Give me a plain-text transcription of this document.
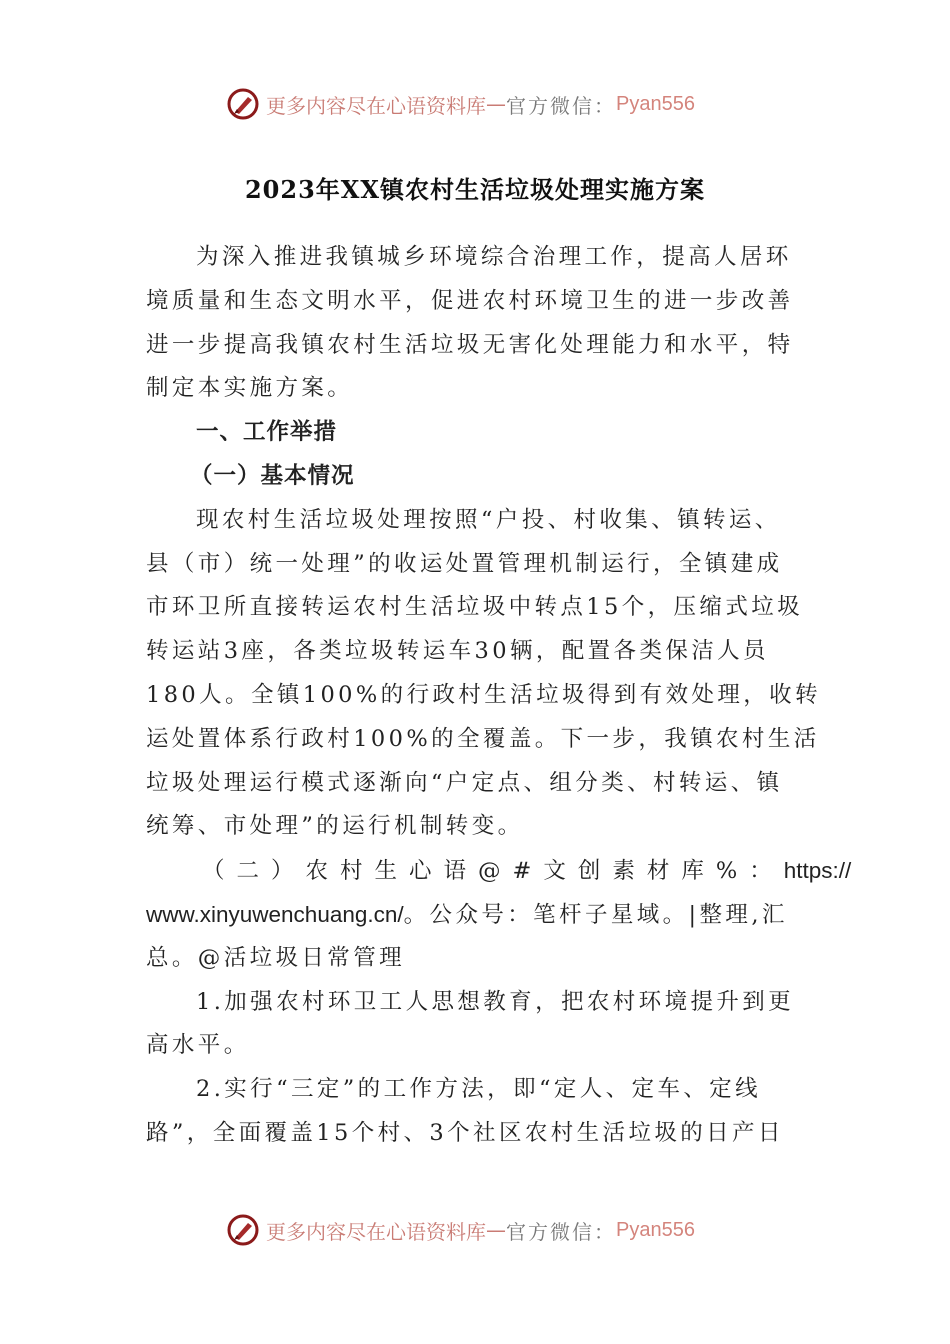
更多内容尽在心语资料库 — 官方微信： Pyan556
2023年XX镇农村生活垃圾处理实施方案
为深入推进我镇城乡环境综合治理工作，提高人居环
境质量和生态文明水平，促进农村环境卫生的进一步改善
进一步提高我镇农村生活垃圾无害化处理能力和水平，特
制定本实施方案。
一、工作举措
（一）基本情况
现农村生活垃圾处理按照“户投、村收集、镇转运、
县（市）统一处理”的收运处置管理机制运行，全镇建成
市环卫所直接转运农村生活垃圾中转点15个，压缩式垃圾
转运站3座，各类垃圾转运车30辆，配置各类保洁人员
180人。全镇100%的行政村生活垃圾得到有效处理，收转
运处置体系行政村100%的全覆盖。下一步，我镇农村生活
垃圾处理运行模式逐渐向“户定点、组分类、村转运、镇
统筹、市处理”的运行机制转变。
（二）农村生心语@#文创素材库%：https://
www.xinyuwenchuang.cn/。公众号：笔杆子星域。|整理,汇
总。@活垃圾日常管理
1.加强农村环卫工人思想教育，把农村环境提升到更
高水平。
2.实行“三定”的工作方法，即“定人、定车、定线
路”，全面覆盖15个村、3个社区农村生活垃圾的日产日
更多内容尽在心语资料库 — 官方微信： Pyan556
